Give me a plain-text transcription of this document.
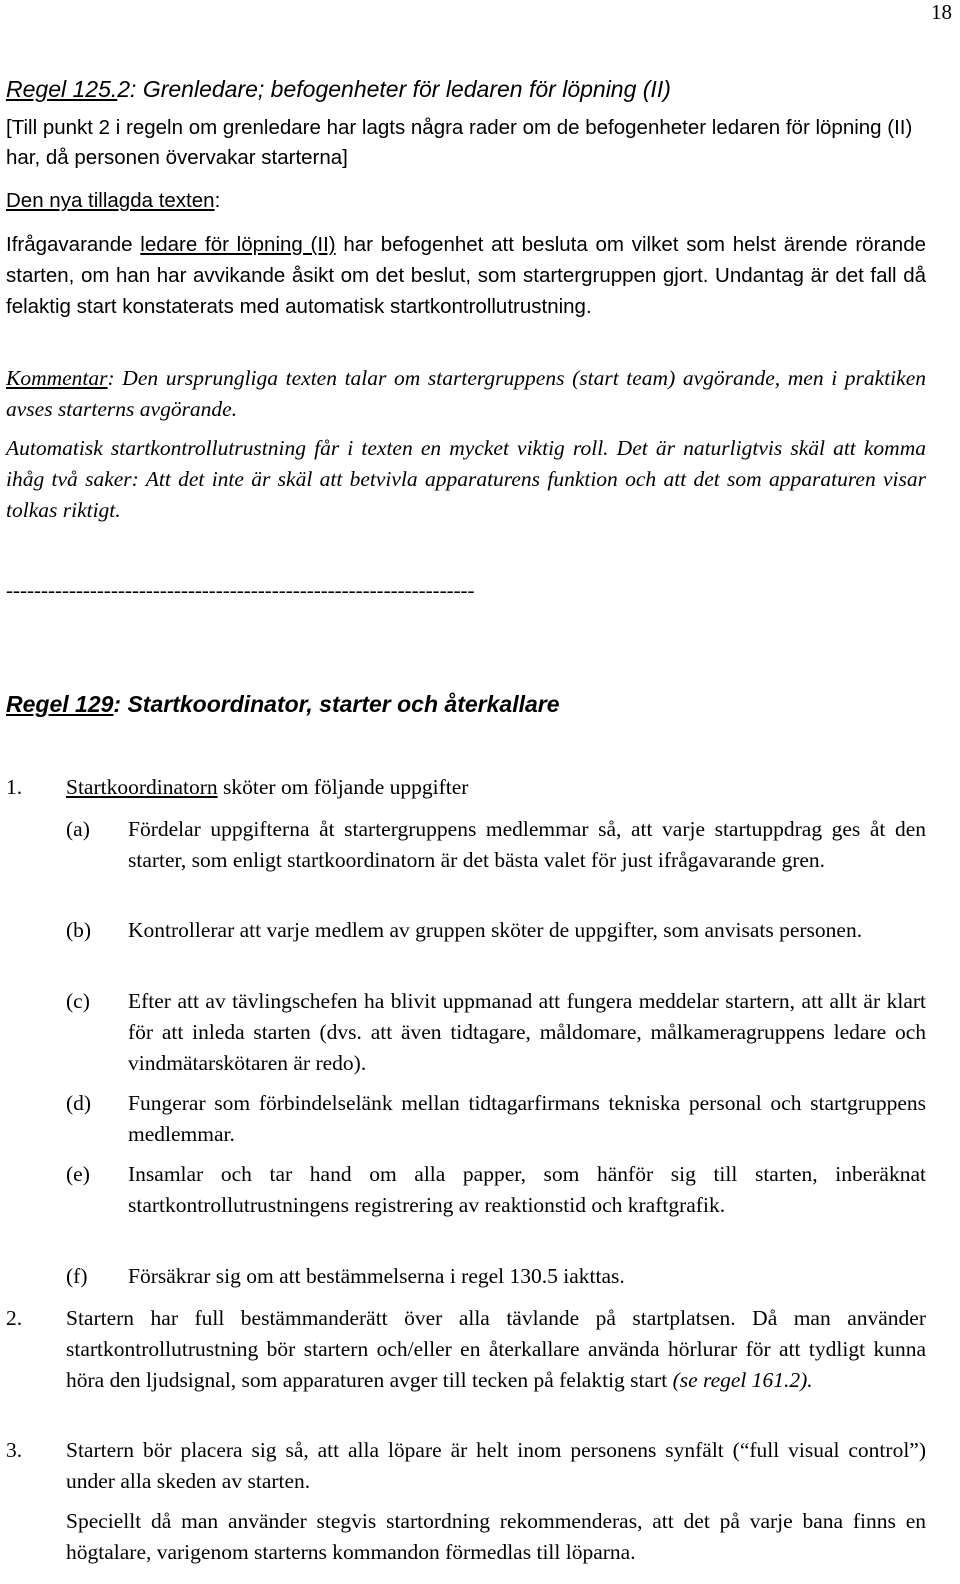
18
Regel 125.2: Grenledare; befogenheter för ledaren för löpning (II)
[Till punkt 2 i regeln om grenledare har lagts några rader om de befogenheter ledaren för löpning (II) har, då personen övervakar starterna]
Den nya tillagda texten:
Ifrågavarande ledare för löpning (II) har befogenhet att besluta om vilket som helst ärende rörande starten, om han har avvikande åsikt om det beslut, som startergruppen gjort. Undantag är det fall då felaktig start konstaterats med automatisk startkontrollutrustning.
Kommentar: Den ursprungliga texten talar om startergruppens (start team) avgörande, men i praktiken avses starterns avgörande.
Automatisk startkontrollutrustning får i texten en mycket viktig roll. Det är naturligtvis skäl att komma ihåg två saker: Att det inte är skäl att betvivla apparaturens funktion och att det som apparaturen visar tolkas riktigt.
-------------------------------------------------------------------
Regel 129: Startkoordinator, starter och återkallare
1. Startkoordinatorn sköter om följande uppgifter
(a) Fördelar uppgifterna åt startergruppens medlemmar så, att varje startuppdrag ges åt den starter, som enligt startkoordinatorn är det bästa valet för just ifrågavarande gren.
(b) Kontrollerar att varje medlem av gruppen sköter de uppgifter, som anvisats personen.
(c) Efter att av tävlingschefen ha blivit uppmanad att fungera meddelar startern, att allt är klart för att inleda starten (dvs. att även tidtagare, måldomare, målkameragruppens ledare och vindmätarskötaren är redo).
(d) Fungerar som förbindelselänk mellan tidtagarfirmans tekniska personal och startgruppens medlemmar.
(e) Insamlar och tar hand om alla papper, som hänför sig till starten, inberäknat startkontrollutrustningens registrering av reaktionstid och kraftgrafik.
(f) Försäkrar sig om att bestämmelserna i regel 130.5 iakttas.
2. Startern har full bestämmanderätt över alla tävlande på startplatsen. Då man använder startkontrollutrustning bör startern och/eller en återkallare använda hörlurar för att tydligt kunna höra den ljudsignal, som apparaturen avger till tecken på felaktig start (se regel 161.2).
3. Startern bör placera sig så, att alla löpare är helt inom personens synfält (“full visual control”) under alla skeden av starten.
Speciellt då man använder stegvis startordning rekommenderas, att det på varje bana finns en högtalare, varigenom starterns kommandon förmedlas till löparna.
